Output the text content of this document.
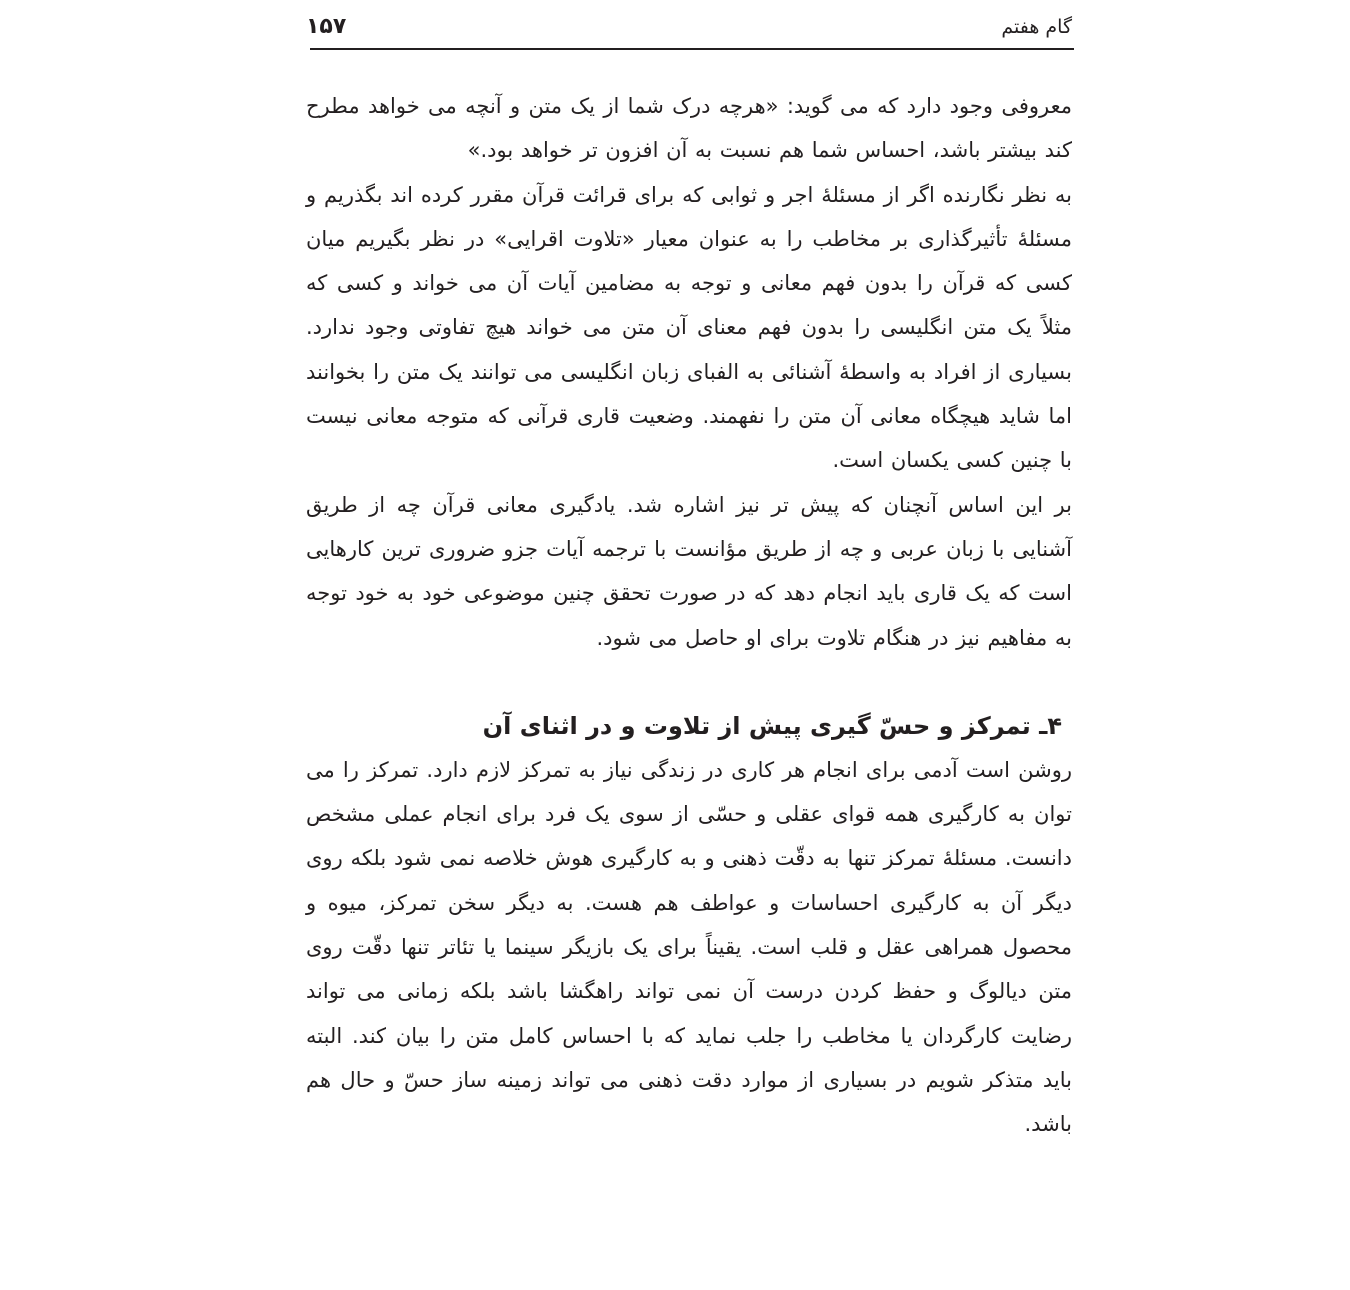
گام هفتم
۱۵۷

معروفی وجود دارد که می گوید: «هرچه درک شما از یک متن و آنچه می خواهد مطرح کند بیشتر باشد، احساس شما هم نسبت به آن افزون تر خواهد بود.»

به نظر نگارنده اگر از مسئلۀ اجر و ثوابی که برای قرائت قرآن مقرر کرده اند بگذریم و مسئلۀ تأثیرگذاری بر مخاطب را به عنوان معیار «تلاوت اقرایی» در نظر بگیریم میان کسی که قرآن را بدون فهم معانی و توجه به مضامین آیات آن می خواند و کسی که مثلاً یک متن انگلیسی را بدون فهم معنای آن متن می خواند هیچ تفاوتی وجود ندارد. بسیاری از افراد به واسطۀ آشنائی به الفبای زبان انگلیسی می توانند یک متن را بخوانند اما شاید هیچگاه معانی آن متن را نفهمند. وضعیت قاری قرآنی که متوجه معانی نیست با چنین کسی یکسان است.

بر این اساس آنچنان که پیش تر نیز اشاره شد. یادگیری معانی قرآن چه از طریق آشنایی با زبان عربی و چه از طریق مؤانست با ترجمه آیات جزو ضروری ترین کارهایی است که یک قاری باید انجام دهد که در صورت تحقق چنین موضوعی خود به خود توجه به مفاهیم نیز در هنگام تلاوت برای او حاصل می شود.

۴ـ تمرکز و حسّ گیری پیش از تلاوت و در اثنای آن

روشن است آدمی برای انجام هر کاری در زندگی نیاز به تمرکز لازم دارد. تمرکز را می توان به کارگیری همه قوای عقلی و حسّی از سوی یک فرد برای انجام عملی مشخص دانست. مسئلۀ تمرکز تنها به دقّت ذهنی و به کارگیری هوش خلاصه نمی شود بلکه روی دیگر آن به کارگیری احساسات و عواطف هم هست. به دیگر سخن تمرکز، میوه و محصول همراهی عقل و قلب است. یقیناً برای یک بازیگر سینما یا تئاتر تنها دقّت روی متن دیالوگ و حفظ کردن درست آن نمی تواند راهگشا باشد بلکه زمانی می تواند رضایت کارگردان یا مخاطب را جلب نماید که با احساس کامل متن را بیان کند. البته باید متذکر شویم در بسیاری از موارد دقت ذهنی می تواند زمینه ساز حسّ و حال هم باشد.
